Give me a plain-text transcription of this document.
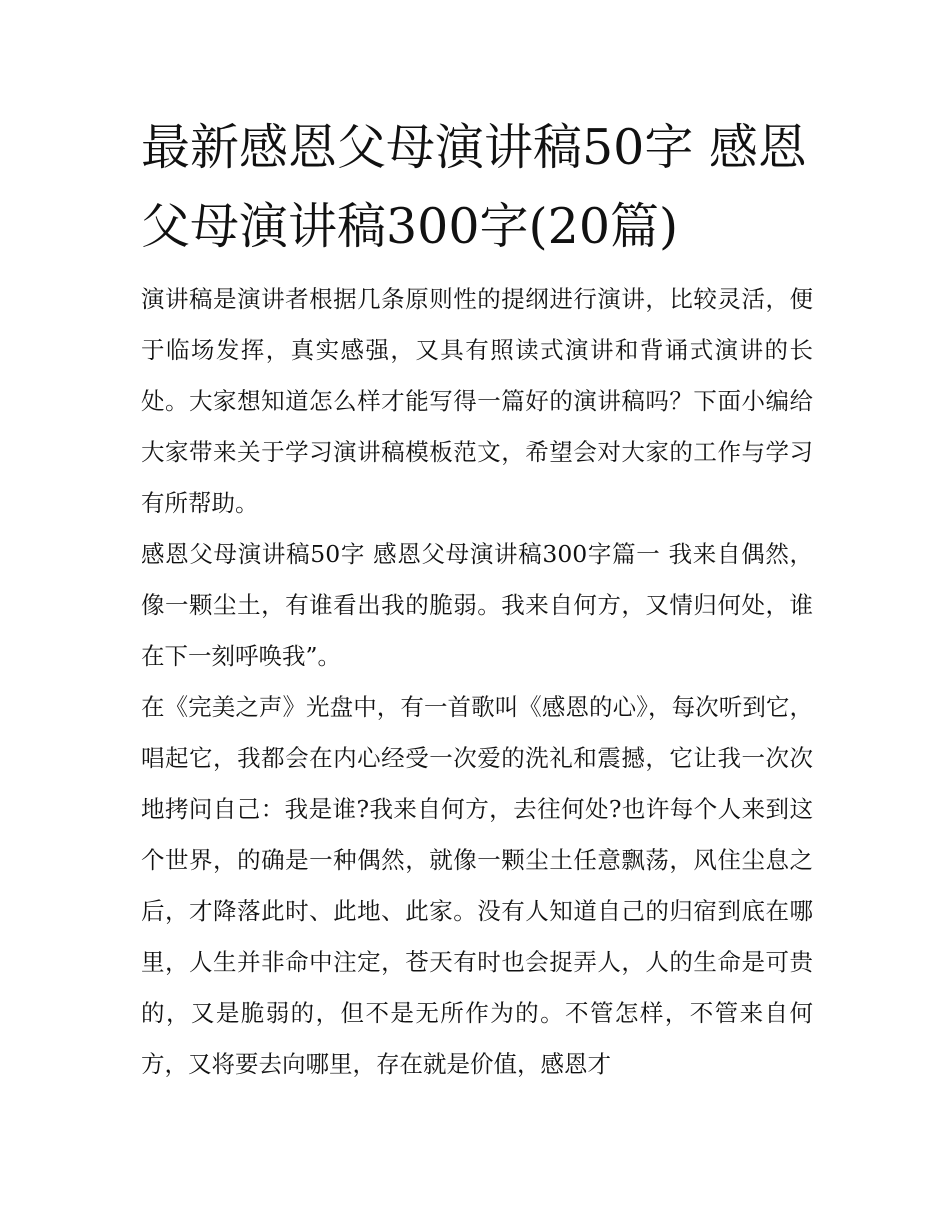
最新感恩父母演讲稿50字 感恩父母演讲稿300字(20篇)

演讲稿是演讲者根据几条原则性的提纲进行演讲，比较灵活，便于临场发挥，真实感强，又具有照读式演讲和背诵式演讲的长处。大家想知道怎么样才能写得一篇好的演讲稿吗？下面小编给大家带来关于学习演讲稿模板范文，希望会对大家的工作与学习有所帮助。

感恩父母演讲稿50字 感恩父母演讲稿300字篇一 我来自偶然，像一颗尘土，有谁看出我的脆弱。我来自何方，又情归何处，谁在下一刻呼唤我”。

在《完美之声》光盘中，有一首歌叫《感恩的心》，每次听到它，唱起它，我都会在内心经受一次爱的洗礼和震撼，它让我一次次地拷问自己：我是谁?我来自何方，去往何处?也许每个人来到这个世界，的确是一种偶然，就像一颗尘土任意飘荡，风住尘息之后，才降落此时、此地、此家。没有人知道自己的归宿到底在哪里，人生并非命中注定，苍天有时也会捉弄人，人的生命是可贵的，又是脆弱的，但不是无所作为的。不管怎样，不管来自何方，又将要去向哪里，存在就是价值，感恩才
